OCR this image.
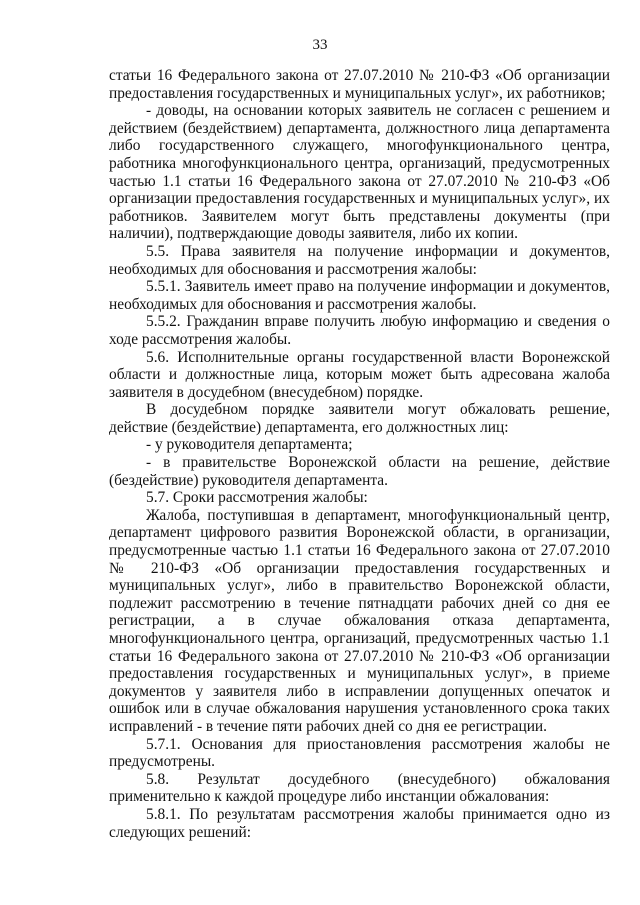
33

статьи 16 Федерального закона от 27.07.2010 № 210-ФЗ «Об организации предоставления государственных и муниципальных услуг», их работников;

- доводы, на основании которых заявитель не согласен с решением и действием (бездействием) департамента, должностного лица департамента либо государственного служащего, многофункционального центра, работника многофункционального центра, организаций, предусмотренных частью 1.1 статьи 16 Федерального закона от 27.07.2010 № 210-ФЗ «Об организации предоставления государственных и муниципальных услуг», их работников. Заявителем могут быть представлены документы (при наличии), подтверждающие доводы заявителя, либо их копии.

5.5. Права заявителя на получение информации и документов, необходимых для обоснования и рассмотрения жалобы:

5.5.1. Заявитель имеет право на получение информации и документов, необходимых для обоснования и рассмотрения жалобы.

5.5.2. Гражданин вправе получить любую информацию и сведения о ходе рассмотрения жалобы.

5.6. Исполнительные органы государственной власти Воронежской области и должностные лица, которым может быть адресована жалоба заявителя в досудебном (внесудебном) порядке.

В досудебном порядке заявители могут обжаловать решение, действие (бездействие) департамента, его должностных лиц:

- у руководителя департамента;

- в правительстве Воронежской области на решение, действие (бездействие) руководителя департамента.

5.7. Сроки рассмотрения жалобы:

Жалоба, поступившая в департамент, многофункциональный центр, департамент цифрового развития Воронежской области, в организации, предусмотренные частью 1.1 статьи 16 Федерального закона от 27.07.2010 № 210-ФЗ «Об организации предоставления государственных и муниципальных услуг», либо в правительство Воронежской области, подлежит рассмотрению в течение пятнадцати рабочих дней со дня ее регистрации, а в случае обжалования отказа департамента, многофункционального центра, организаций, предусмотренных частью 1.1 статьи 16 Федерального закона от 27.07.2010 № 210-ФЗ «Об организации предоставления государственных и муниципальных услуг», в приеме документов у заявителя либо в исправлении допущенных опечаток и ошибок или в случае обжалования нарушения установленного срока таких исправлений - в течение пяти рабочих дней со дня ее регистрации.

5.7.1. Основания для приостановления рассмотрения жалобы не предусмотрены.

5.8. Результат досудебного (внесудебного) обжалования применительно к каждой процедуре либо инстанции обжалования:

5.8.1. По результатам рассмотрения жалобы принимается одно из следующих решений:
